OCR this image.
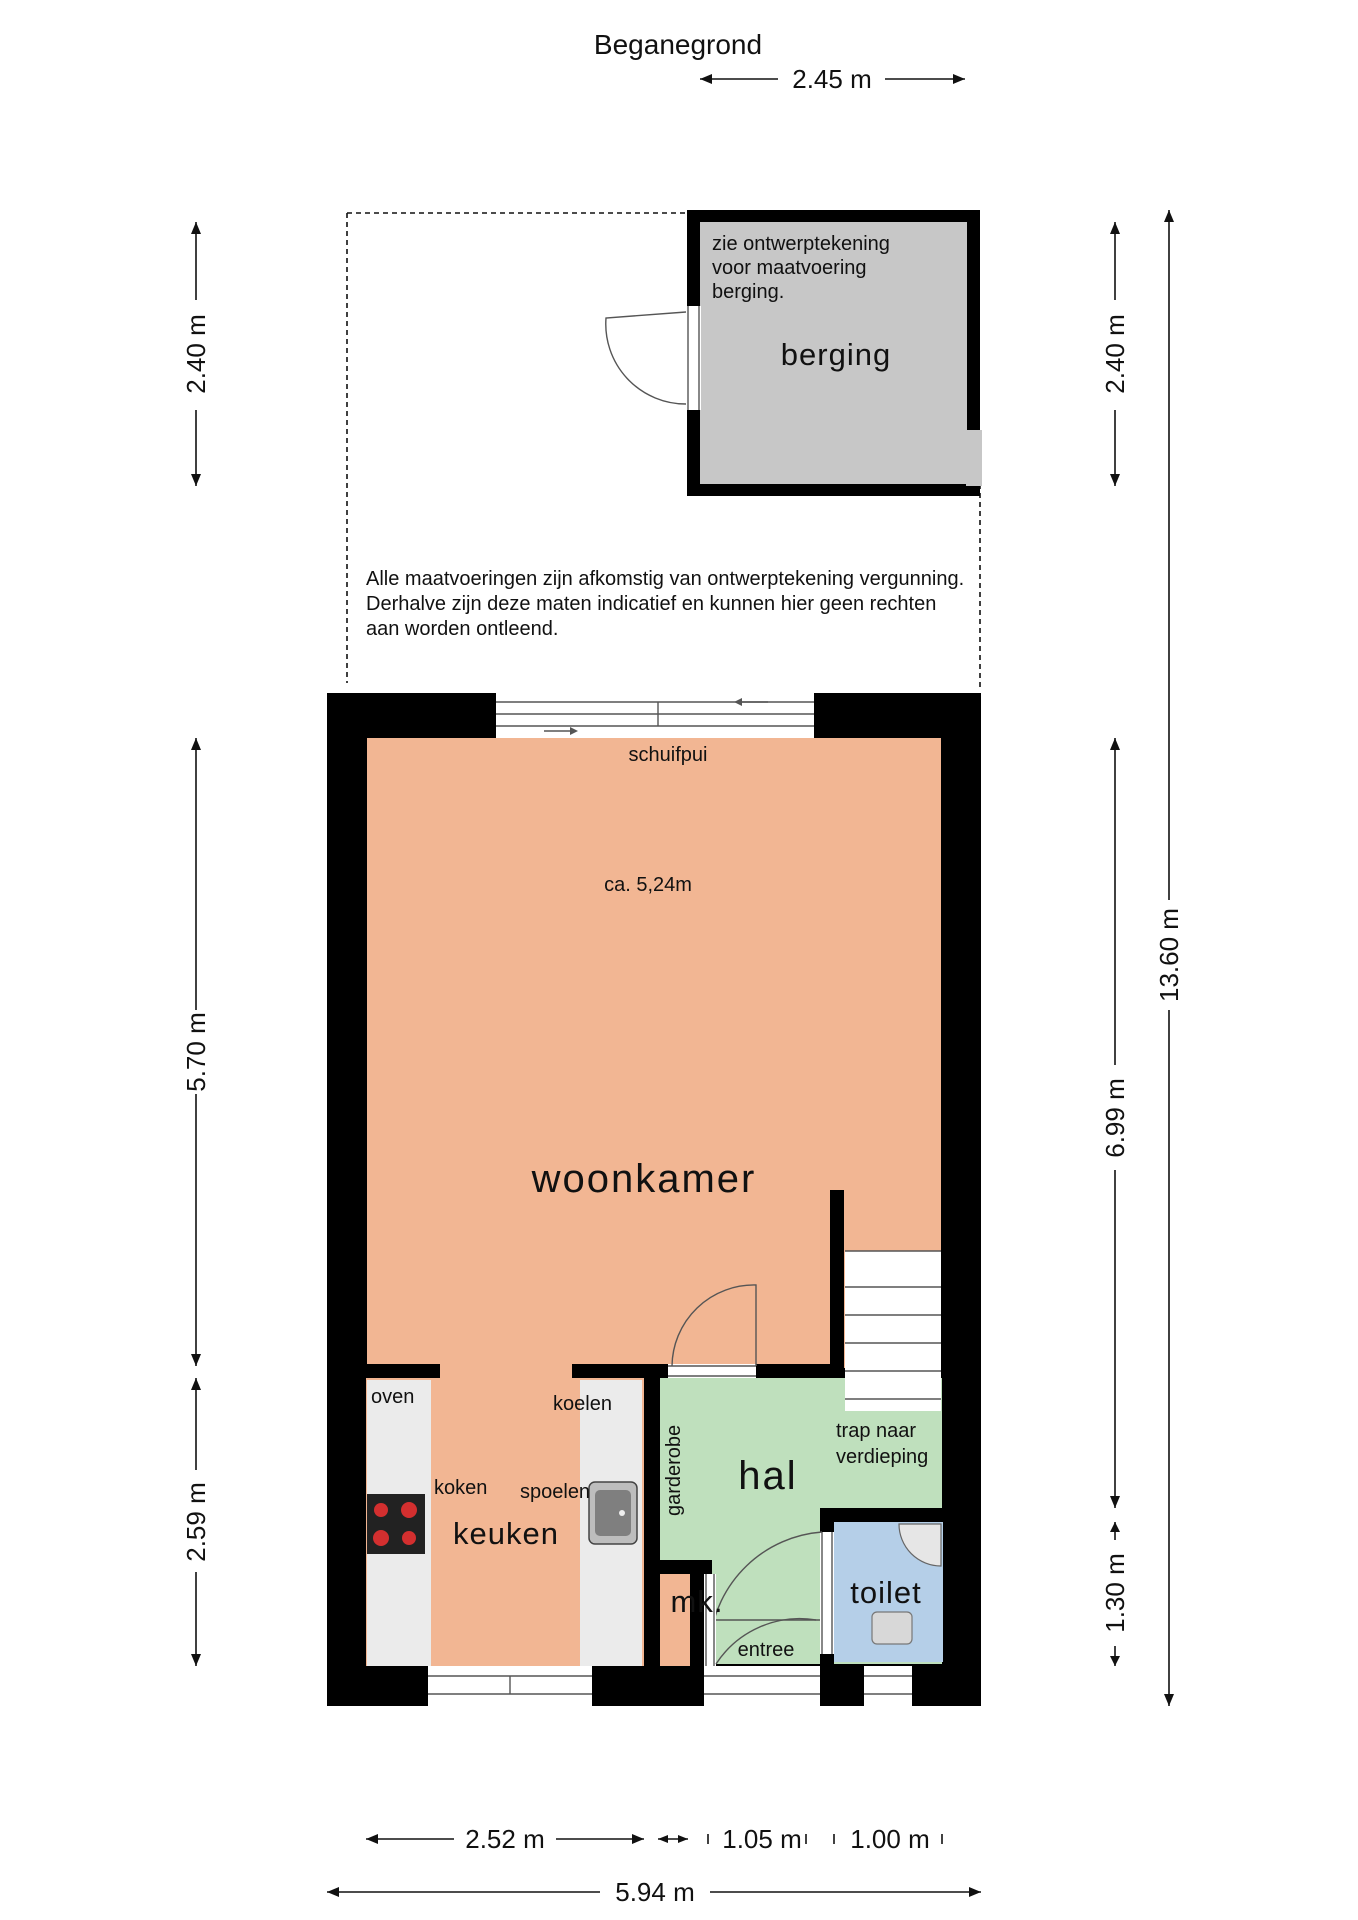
Beganegrond
2.45 m
zie ontwerptekening
voor maatvoering
berging.
berging
Alle maatvoeringen zijn afkomstig van ontwerptekening vergunning.
Derhalve zijn deze maten indicatief en kunnen hier geen rechten
aan worden ontleend.
schuifpui
ca. 5,24m
woonkamer
oven	koelen
koken spoelen
keuken
garderobe hal
trap naar
verdieping
toilet
mk.
entree
2.40 m
5.70 m
2.59 m
2.40 m
6.99 m
1.30 m
13.60 m
2.52 m	1.05 m 1.00 m
5.94 m
